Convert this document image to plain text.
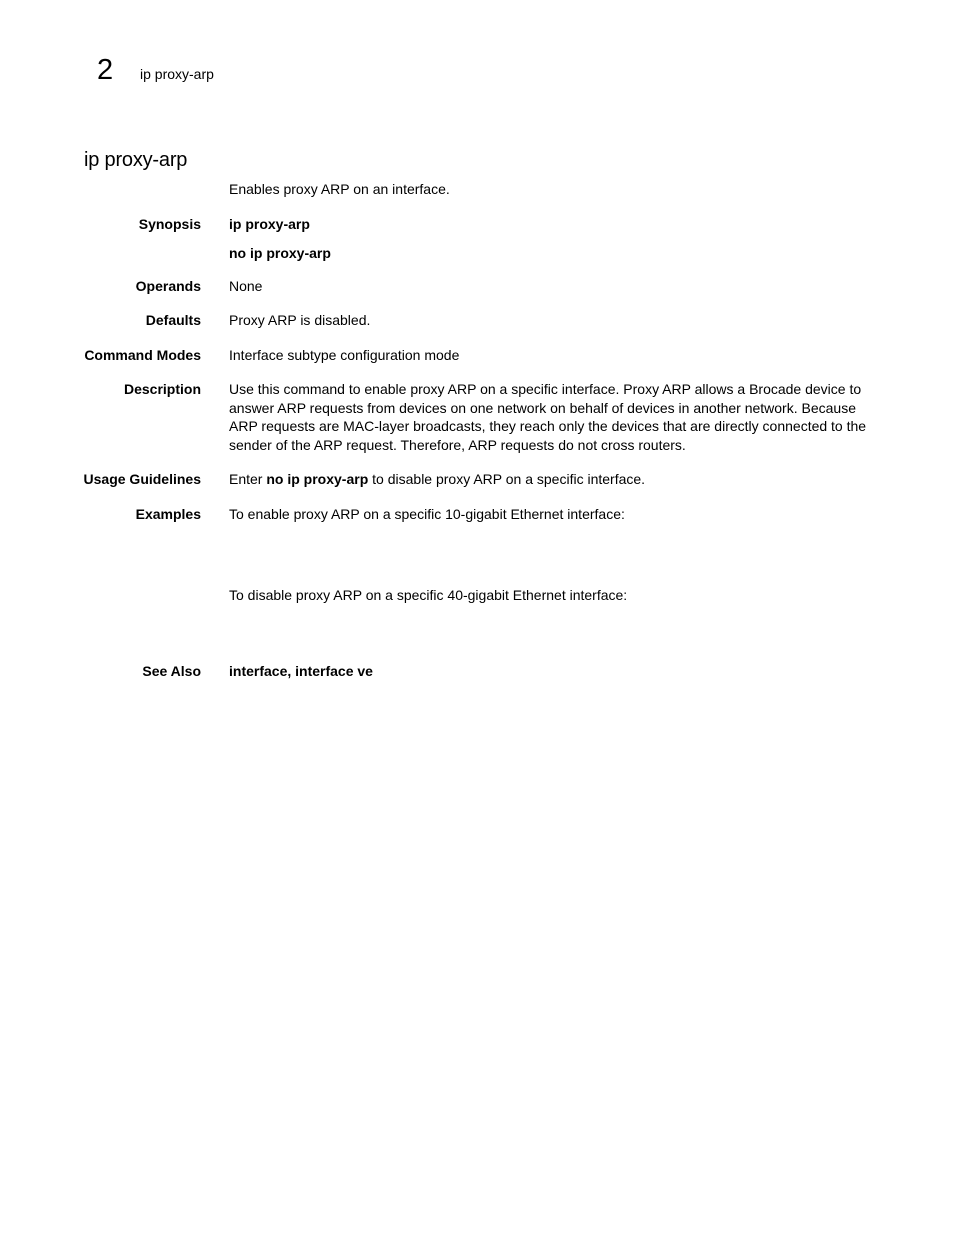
2 ip proxy-arp
ip proxy-arp
Enables proxy ARP on an interface.
Synopsis ip proxy-arp
no ip proxy-arp
Operands None
Defaults Proxy ARP is disabled.
Command Modes Interface subtype configuration mode
Description Use this command to enable proxy ARP on a specific interface. Proxy ARP allows a Brocade device to answer ARP requests from devices on one network on behalf of devices in another network. Because ARP requests are MAC-layer broadcasts, they reach only the devices that are directly connected to the sender of the ARP request. Therefore, ARP requests do not cross routers.
Usage Guidelines Enter no ip proxy-arp to disable proxy ARP on a specific interface.
Examples To enable proxy ARP on a specific 10-gigabit Ethernet interface:
To disable proxy ARP on a specific 40-gigabit Ethernet interface:
See Also interface, interface ve
